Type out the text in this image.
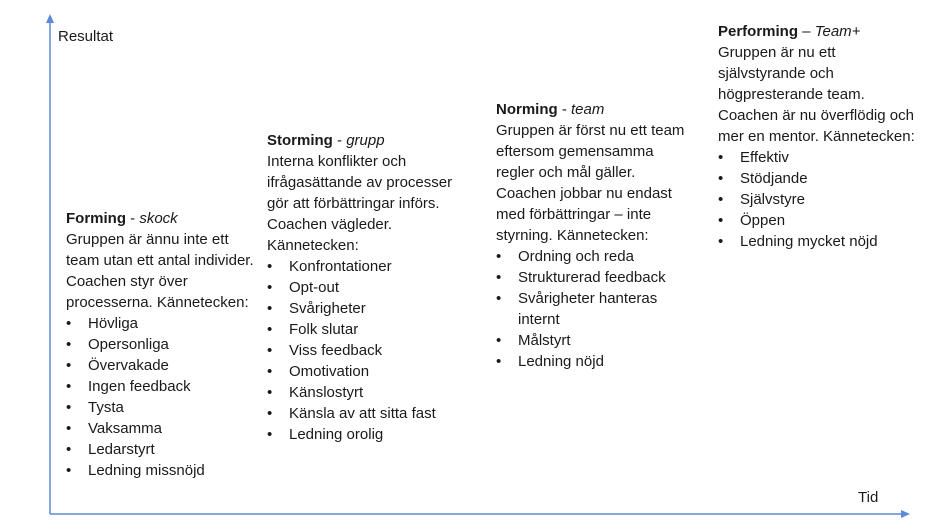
Resultat
Tid
Forming - skock
Gruppen är ännu inte ett team utan ett antal individer. Coachen styr över processerna. Kännetecken:
• Hövliga
• Opersonliga
• Övervakade
• Ingen feedback
• Tysta
• Vaksamma
• Ledarstyrt
• Ledning missnöjd
Storming - grupp
Interna konflikter och ifrågasättande av processer gör att förbättringar införs. Coachen vägleder. Kännetecken:
• Konfrontationer
• Opt-out
• Svårigheter
• Folk slutar
• Viss feedback
• Omotivation
• Känslostyrt
• Känsla av att sitta fast
• Ledning orolig
Norming - team
Gruppen är först nu ett team eftersom gemensamma regler och mål gäller. Coachen jobbar nu endast med förbättringar – inte styrning. Kännetecken:
• Ordning och reda
• Strukturerad feedback
• Svårigheter hanteras internt
• Målstyrt
• Ledning nöjd
Performing – Team+
Gruppen är nu ett självstyrande och högpresterande team. Coachen är nu överflödig och mer en mentor. Kännetecken:
• Effektiv
• Stödjande
• Självstyre
• Öppen
• Ledning mycket nöjd
